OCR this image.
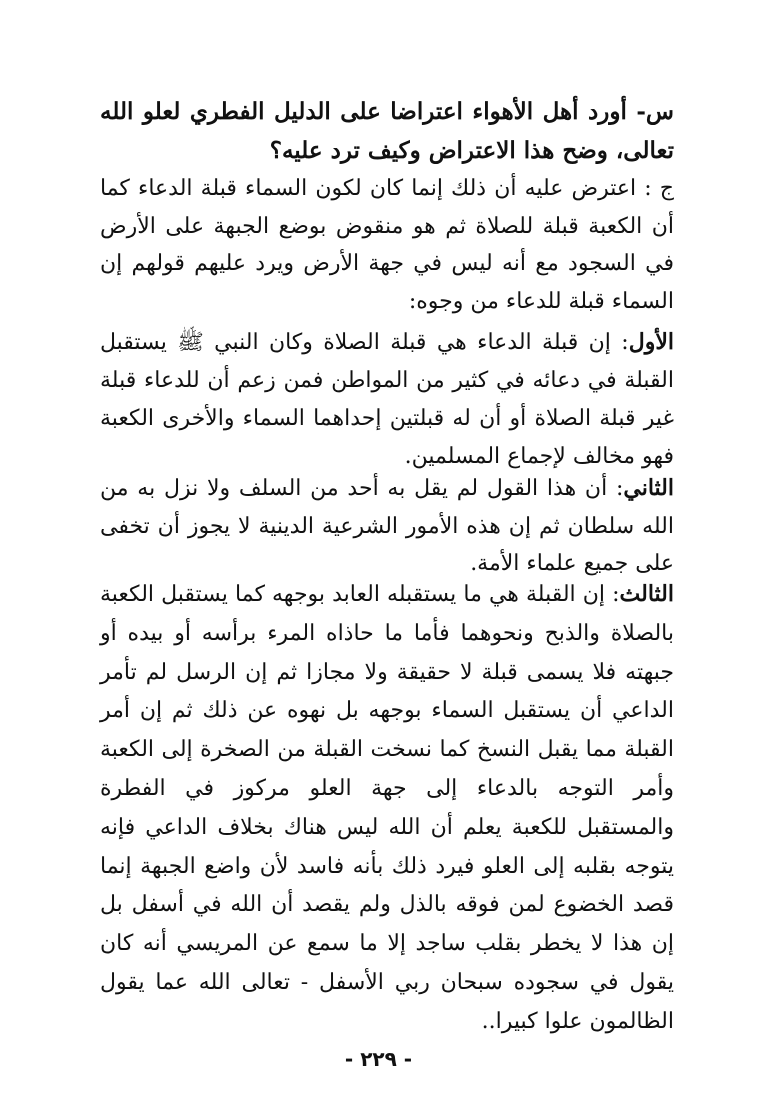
س- أورد أهل الأهواء اعتراضا على الدليل الفطري لعلو الله تعالى، وضح هذا الاعتراض وكيف ترد عليه؟
ج : اعترض عليه أن ذلك إنما كان لكون السماء قبلة الدعاء كما أن الكعبة قبلة للصلاة ثم هو منقوض بوضع الجبهة على الأرض في السجود مع أنه ليس في جهة الأرض ويرد عليهم قولهم إن السماء قبلة للدعاء من وجوه:
الأول: إن قبلة الدعاء هي قبلة الصلاة وكان النبي ﷺ يستقبل القبلة في دعائه في كثير من المواطن فمن زعم أن للدعاء قبلة غير قبلة الصلاة أو أن له قبلتين إحداهما السماء والأخرى الكعبة فهو مخالف لإجماع المسلمين.
الثاني: أن هذا القول لم يقل به أحد من السلف ولا نزل به من الله سلطان ثم إن هذه الأمور الشرعية الدينية لا يجوز أن تخفى على جميع علماء الأمة.
الثالث: إن القبلة هي ما يستقبله العابد بوجهه كما يستقبل الكعبة بالصلاة والذبح ونحوهما فأما ما حاذاه المرء برأسه أو بيده أو جبهته فلا يسمى قبلة لا حقيقة ولا مجازا ثم إن الرسل لم تأمر الداعي أن يستقبل السماء بوجهه بل نهوه عن ذلك ثم إن أمر القبلة مما يقبل النسخ كما نسخت القبلة من الصخرة إلى الكعبة وأمر التوجه بالدعاء إلى جهة العلو مركوز في الفطرة والمستقبل للكعبة يعلم أن الله ليس هناك بخلاف الداعي فإنه يتوجه بقلبه إلى العلو فيرد ذلك بأنه فاسد لأن واضع الجبهة إنما قصد الخضوع لمن فوقه بالذل ولم يقصد أن الله في أسفل بل إن هذا لا يخطر بقلب ساجد إلا ما سمع عن المريسي أنه كان يقول في سجوده سبحان ربي الأسفل - تعالى الله عما يقول الظالمون علوا كبيرا..
- ٢٢٩ -
